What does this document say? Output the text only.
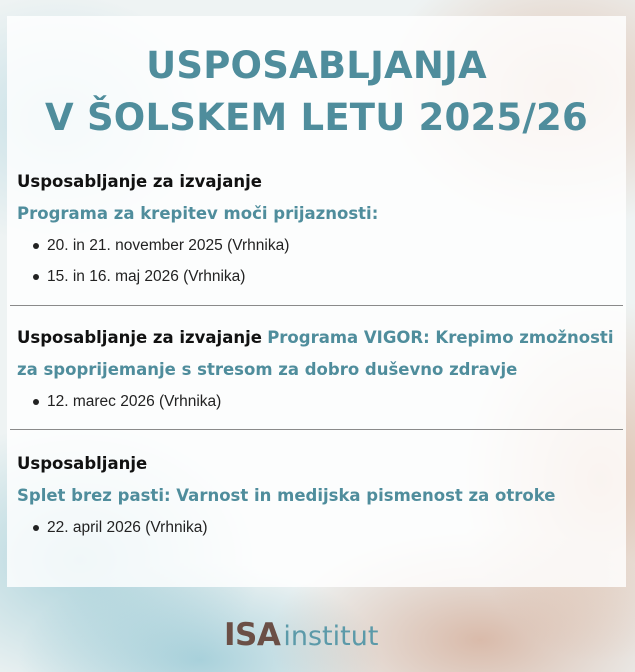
USPOSABLJANJA
V ŠOLSKEM LETU 2025/26
Usposabljanje za izvajanje
Programa za krepitev moči prijaznosti:
20. in 21. november 2025 (Vrhnika)
15. in 16. maj 2026 (Vrhnika)
Usposabljanje za izvajanje Programa VIGOR: Krepimo zmožnosti
za spoprijemanje s stresom za dobro duševno zdravje
12. marec 2026 (Vrhnika)
Usposabljanje
Splet brez pasti: Varnost in medijska pismenost za otroke
22. april 2026 (Vrhnika)
ISA institut
